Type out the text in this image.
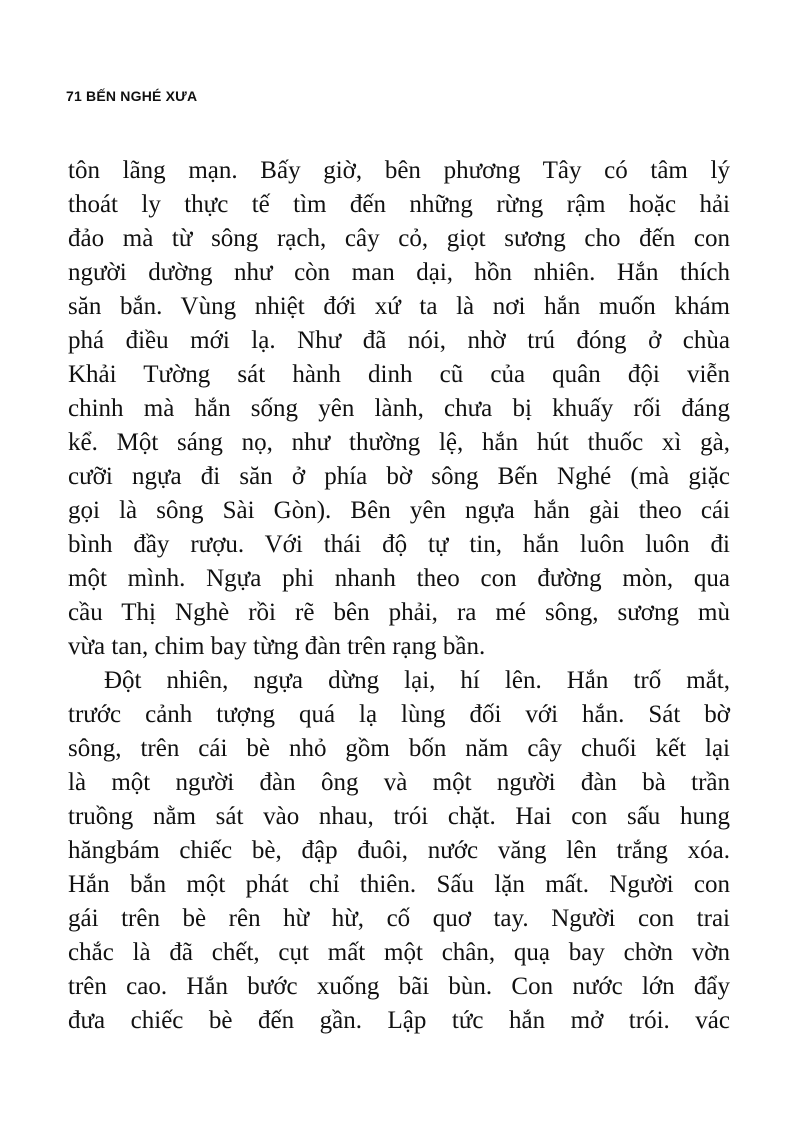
71 BẾN NGHÉ XƯA
tôn lãng mạn. Bấy giờ, bên phương Tây có tâm lý
thoát ly thực tế tìm đến những rừng rậm hoặc hải
đảo mà từ sông rạch, cây cỏ, giọt sương cho đến con
người dường như còn man dại, hồn nhiên. Hắn thích
săn bắn. Vùng nhiệt đới xứ ta là nơi hắn muốn khám
phá điều mới lạ. Như đã nói, nhờ trú đóng ở chùa
Khải Tường sát hành dinh cũ của quân đội viễn
chinh mà hắn sống yên lành, chưa bị khuấy rối đáng
kể. Một sáng nọ, như thường lệ, hắn hút thuốc xì gà,
cưỡi ngựa đi săn ở phía bờ sông Bến Nghé (mà giặc
gọi là sông Sài Gòn). Bên yên ngựa hắn gài theo cái
bình đầy rượu. Với thái độ tự tin, hắn luôn luôn đi
một mình. Ngựa phi nhanh theo con đường mòn, qua
cầu Thị Nghè rồi rẽ bên phải, ra mé sông, sương mù
vừa tan, chim bay từng đàn trên rạng bần.
Đột nhiên, ngựa dừng lại, hí lên. Hắn trố mắt,
trước cảnh tượng quá lạ lùng đối với hắn. Sát bờ
sông, trên cái bè nhỏ gồm bốn năm cây chuối kết lại
là một người đàn ông và một người đàn bà trần
truồng nằm sát vào nhau, trói chặt. Hai con sấu hung
hăngbám chiếc bè, đập đuôi, nước văng lên trắng xóa.
Hắn bắn một phát chỉ thiên. Sấu lặn mất. Người con
gái trên bè rên hừ hừ, cố quơ tay. Người con trai
chắc là đã chết, cụt mất một chân, quạ bay chờn vờn
trên cao. Hắn bước xuống bãi bùn. Con nước lớn đẩy
đưa chiếc bè đến gần. Lập tức hắn mở trói. vác
